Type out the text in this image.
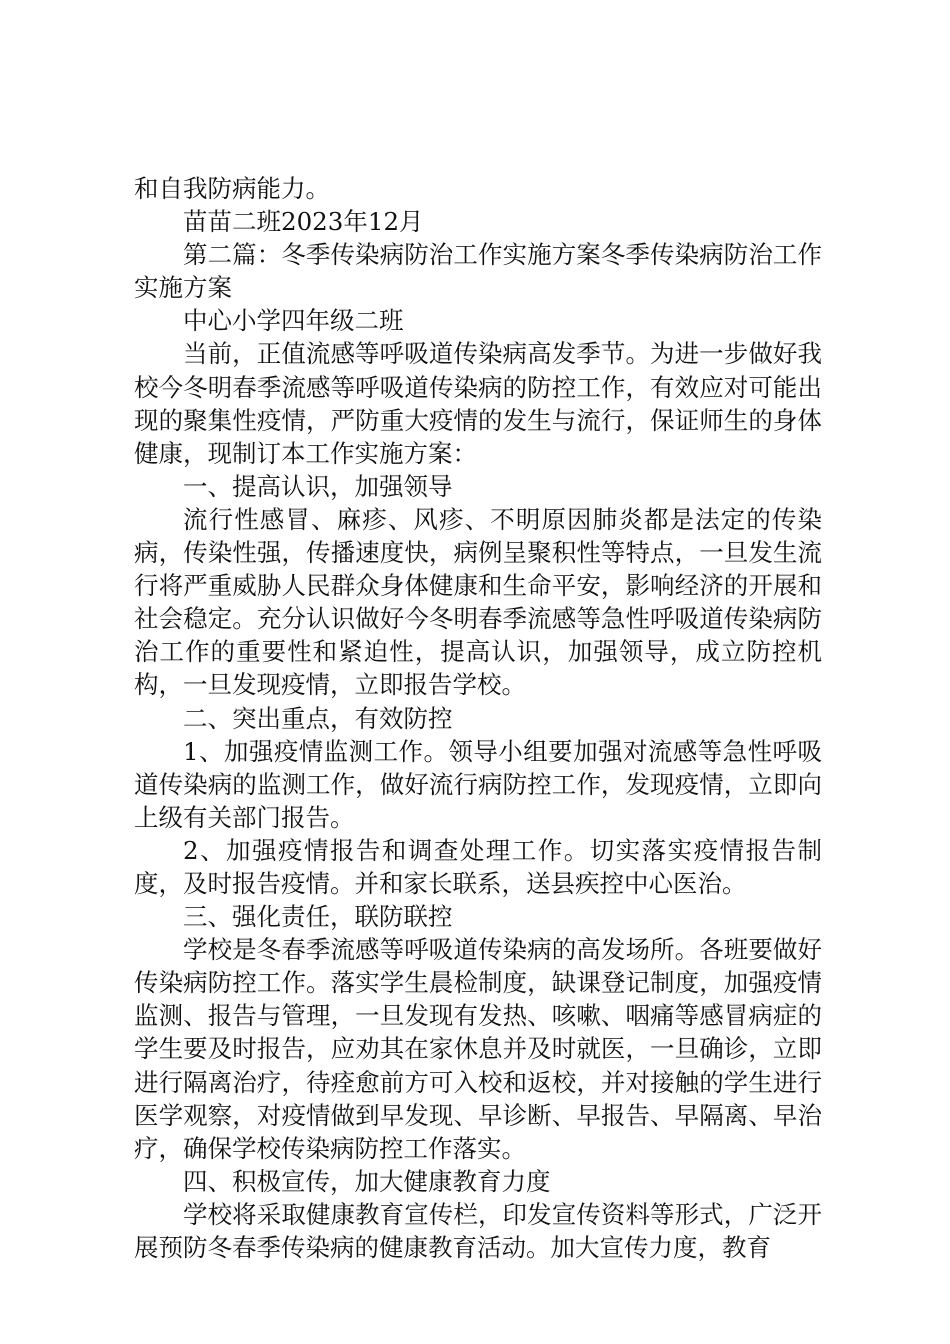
和自我防病能力。

苗苗二班2023年12月

第二篇：冬季传染病防治工作实施方案冬季传染病防治工作实施方案

中心小学四年级二班

当前，正值流感等呼吸道传染病高发季节。为进一步做好我校今冬明春季流感等呼吸道传染病的防控工作，有效应对可能出现的聚集性疫情，严防重大疫情的发生与流行，保证师生的身体健康，现制订本工作实施方案：

一、提高认识，加强领导

流行性感冒、麻疹、风疹、不明原因肺炎都是法定的传染病，传染性强，传播速度快，病例呈聚积性等特点，一旦发生流行将严重威胁人民群众身体健康和生命平安，影响经济的开展和社会稳定。充分认识做好今冬明春季流感等急性呼吸道传染病防治工作的重要性和紧迫性，提高认识，加强领导，成立防控机构，一旦发现疫情，立即报告学校。

二、突出重点，有效防控

1、加强疫情监测工作。领导小组要加强对流感等急性呼吸道传染病的监测工作，做好流行病防控工作，发现疫情，立即向上级有关部门报告。

2、加强疫情报告和调查处理工作。切实落实疫情报告制度，及时报告疫情。并和家长联系，送县疾控中心医治。

三、强化责任，联防联控

学校是冬春季流感等呼吸道传染病的高发场所。各班要做好传染病防控工作。落实学生晨检制度，缺课登记制度，加强疫情监测、报告与管理，一旦发现有发热、咳嗽、咽痛等感冒病症的学生要及时报告，应劝其在家休息并及时就医，一旦确诊，立即进行隔离治疗，待痊愈前方可入校和返校，并对接触的学生进行医学观察，对疫情做到早发现、早诊断、早报告、早隔离、早治疗，确保学校传染病防控工作落实。

四、积极宣传，加大健康教育力度

学校将采取健康教育宣传栏，印发宣传资料等形式，广泛开展预防冬春季传染病的健康教育活动。加大宣传力度，教育
